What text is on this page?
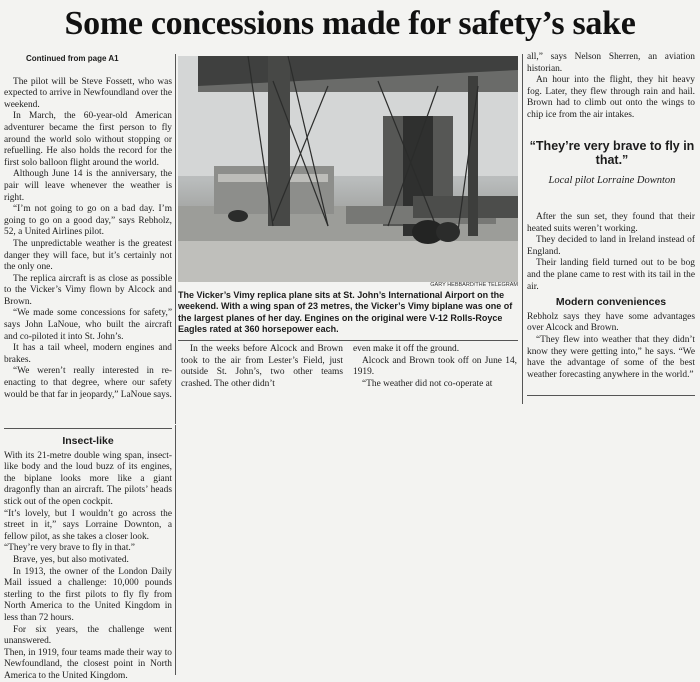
Some concessions made for safety’s sake
Continued from page A1

The pilot will be Steve Fossett, who was expected to arrive in Newfoundland over the weekend.

In March, the 60-year-old American adventurer became the first person to fly around the world solo without stopping or refuelling. He also holds the record for the first solo balloon flight around the world.

Although June 14 is the anniversary, the pair will leave whenever the weather is right.

“I’m not going to go on a bad day. I’m going to go on a good day,” says Rebholz, 52, a United Airlines pilot.

The unpredictable weather is the greatest danger they will face, but it’s certainly not the only one.

The replica aircraft is as close as possible to the Vicker’s Vimy flown by Alcock and Brown.

“We made some concessions for safety,” says John LaNoue, who built the aircraft and co-piloted it into St. John’s.

It has a tail wheel, modern engines and brakes.

“We weren’t really interested in re-enacting to that degree, where our safety would be that far in jeopardy,” LaNoue says.

Insect-like

With its 21-metre double wing span, insect-like body and the loud buzz of its engines, the biplane looks more like a giant dragonfly than an aircraft. The pilots’ heads stick out of the open cockpit.

“It’s lovely, but I wouldn’t go across the street in it,” says Lorraine Downton, a fellow pilot, as she takes a closer look.

“They’re very brave to fly in that.”

Brave, yes, but also motivated.

In 1913, the owner of the London Daily Mail issued a challenge: 10,000 pounds sterling to the first pilots to fly fly from North America to the United Kingdom in less than 72 hours.

For six years, the challenge went unanswered.

Then, in 1919, four teams made their way to Newfoundland, the closest point in North America to the United Kingdom.

GARY HEBBARD/THE TELEGRAM
The Vicker’s Vimy replica plane sits at St. John’s International Airport on the weekend. With a wing span of 23 metres, the Vicker’s Vimy biplane was one of the largest planes of her day. Engines on the original were V-12 Rolls-Royce Eagles rated at 360 horsepower each.

In the weeks before Alcock and Brown took to the air from Lester’s Field, just outside St. John’s, two other teams crashed. The other didn’t

even make it off the ground.

Alcock and Brown took off on June 14, 1919.

“The weather did not co-operate at

all,” says Nelson Sherren, an aviation historian.

An hour into the flight, they hit heavy fog. Later, they flew through rain and hail. Brown had to climb out onto the wings to chip ice from the air intakes.

“They’re very brave to fly in that.”
Local pilot Lorraine Downton

After the sun set, they found that their heated suits weren’t working.

They decided to land in Ireland instead of England.

Their landing field turned out to be bog and the plane came to rest with its tail in the air.

Modern conveniences

Rebholz says they have some advantages over Alcock and Brown.

“They flew into weather that they didn’t know they were getting into,” he says. “We have the advantage of some of the best weather forecasting anywhere in the world.”
